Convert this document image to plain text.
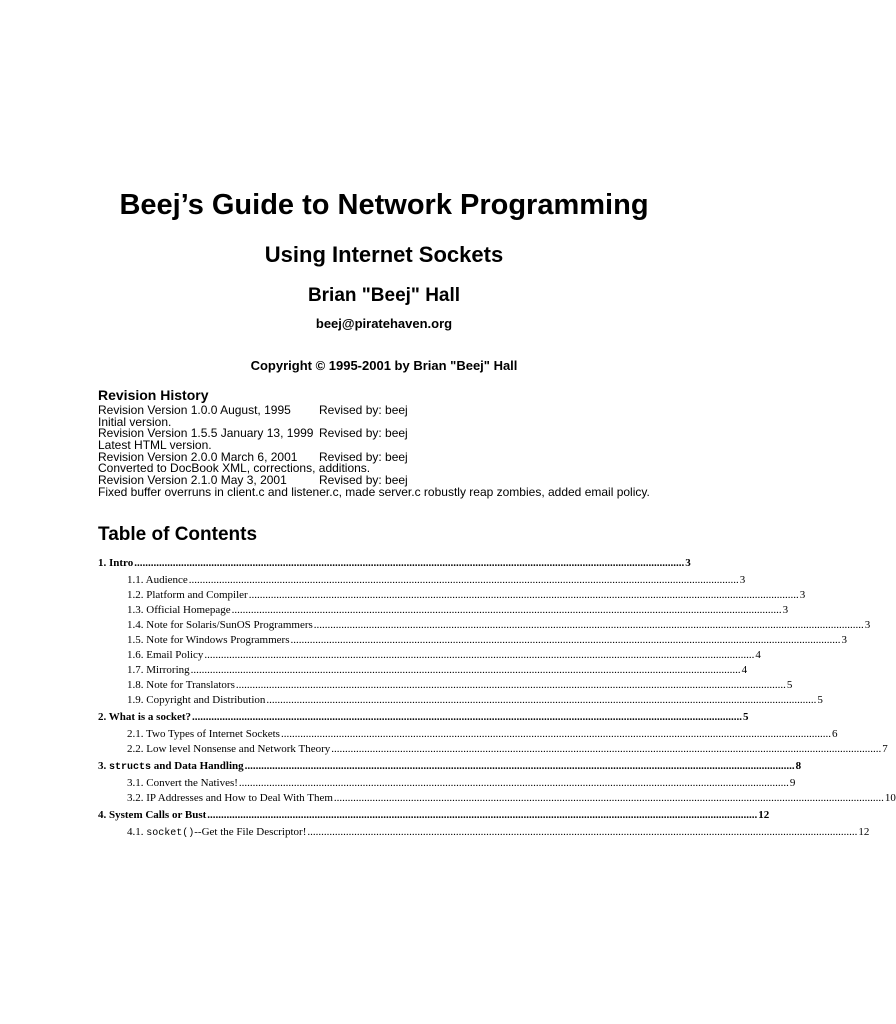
Beej’s Guide to Network Programming
Using Internet Sockets
Brian "Beej" Hall
beej@piratehaven.org
Copyright © 1995-2001 by Brian "Beej" Hall
Revision History
Revision Version 1.0.0 August, 1995 Revised by: beej
Initial version.
Revision Version 1.5.5 January 13, 1999 Revised by: beej
Latest HTML version.
Revision Version 2.0.0 March 6, 2001 Revised by: beej
Converted to DocBook XML, corrections, additions.
Revision Version 2.1.0 May 3, 2001	Revised by: beej
Fixed buffer overruns in client.c and listener.c, made server.c robustly reap zombies, added email policy.
Table of Contents
1. Intro ........................................................................................................................................................................................................ 3
1.1. Audience ........................................................................................................................................................................................................ 3
1.2. Platform and Compiler ........................................................................................................................................................................................................ 3
1.3. Official Homepage ........................................................................................................................................................................................................ 3
1.4. Note for Solaris/SunOS Programmers ........................................................................................................................................................................................................ 3
1.5. Note for Windows Programmers ........................................................................................................................................................................................................ 3
1.6. Email Policy ........................................................................................................................................................................................................ 4
1.7. Mirroring ........................................................................................................................................................................................................ 4
1.8. Note for Translators ........................................................................................................................................................................................................ 5
1.9. Copyright and Distribution ........................................................................................................................................................................................................ 5
2. What is a socket? ........................................................................................................................................................................................................ 5
2.1. Two Types of Internet Sockets ........................................................................................................................................................................................................ 6
2.2. Low level Nonsense and Network Theory ........................................................................................................................................................................................................ 7
3. structs and Data Handling ........................................................................................................................................................................................................ 8
3.1. Convert the Natives! ........................................................................................................................................................................................................ 9
3.2. IP Addresses and How to Deal With Them ........................................................................................................................................................................................................ 10
4. System Calls or Bust ........................................................................................................................................................................................................ 12
4.1. socket()--Get the File Descriptor! ........................................................................................................................................................................................................ 12
